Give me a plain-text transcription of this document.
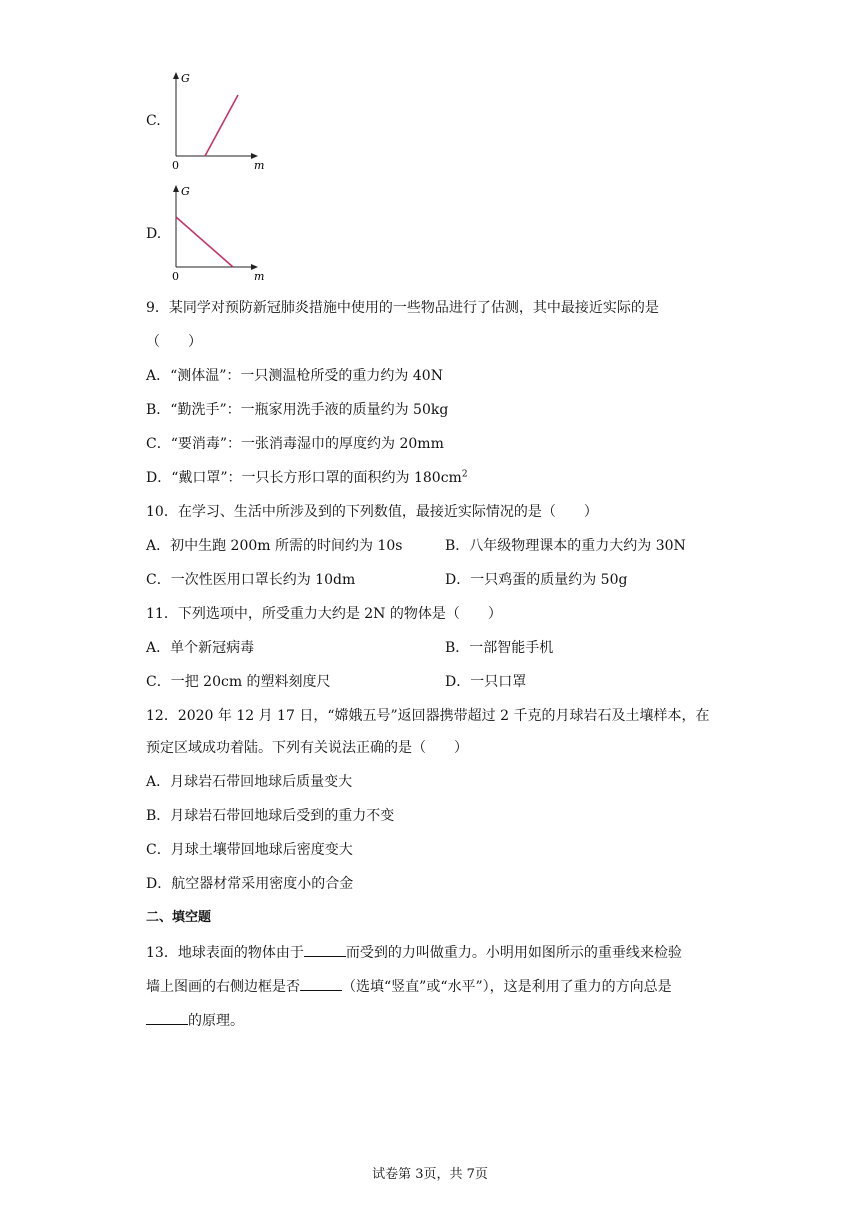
C.
G
0	m
D.
G
0	m
9．某同学对预防新冠肺炎措施中使用的一些物品进行了估测，其中最接近实际的是
（　　）
A．“测体温”：一只测温枪所受的重力约为 40N
B．“勤洗手”：一瓶家用洗手液的质量约为 50kg
C．“要消毒”：一张消毒湿巾的厚度约为 20mm
D．“戴口罩”：一只长方形口罩的面积约为 $180cm^2$
10．在学习、生活中所涉及到的下列数值，最接近实际情况的是（　　）
A．初中生跑 200m 所需的时间约为 10s	B．八年级物理课本的重力大约为 30N
C．一次性医用口罩长约为 10dm	D．一只鸡蛋的质量约为 50g
11．下列选项中，所受重力大约是 2N 的物体是（　　）
A．单个新冠病毒	B．一部智能手机
C．一把 20cm 的塑料刻度尺	D．一只口罩
12．2020 年 12 月 17 日，“嫦娥五号”返回器携带超过 2 千克的月球岩石及土壤样本，在
预定区域成功着陆。下列有关说法正确的是（　　）
A．月球岩石带回地球后质量变大
B．月球岩石带回地球后受到的重力不变
C．月球土壤带回地球后密度变大
D．航空器材常采用密度小的合金
二、填空题
13．地球表面的物体由于	而受到的力叫做重力。小明用如图所示的重垂线来检验
墙上图画的右侧边框是否	（选填“竖直”或“水平”），这是利用了重力的方向总是
的原理。
试卷第 3页，共 7页
